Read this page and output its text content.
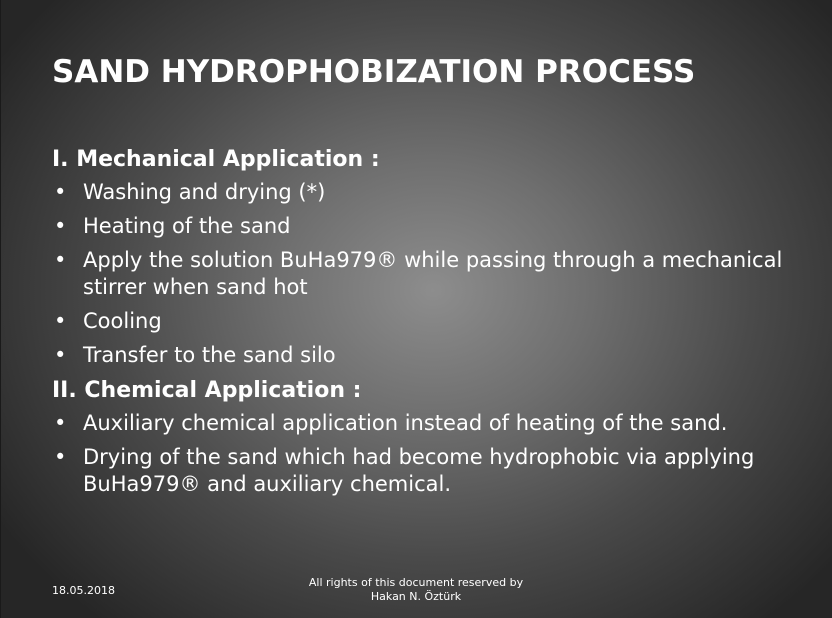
SAND HYDROPHOBIZATION PROCESS
I. Mechanical Application :
• Washing and drying (*)
• Heating of the sand
• Apply the solution BuHa979® while passing through a mechanical stirrer when sand hot
• Cooling
• Transfer to the sand silo
II. Chemical Application :
• Auxiliary chemical application instead of heating of the sand.
• Drying of the sand which had become hydrophobic via applying BuHa979® and auxiliary chemical.
18.05.2018
All rights of this document reserved by
Hakan N. Öztürk
